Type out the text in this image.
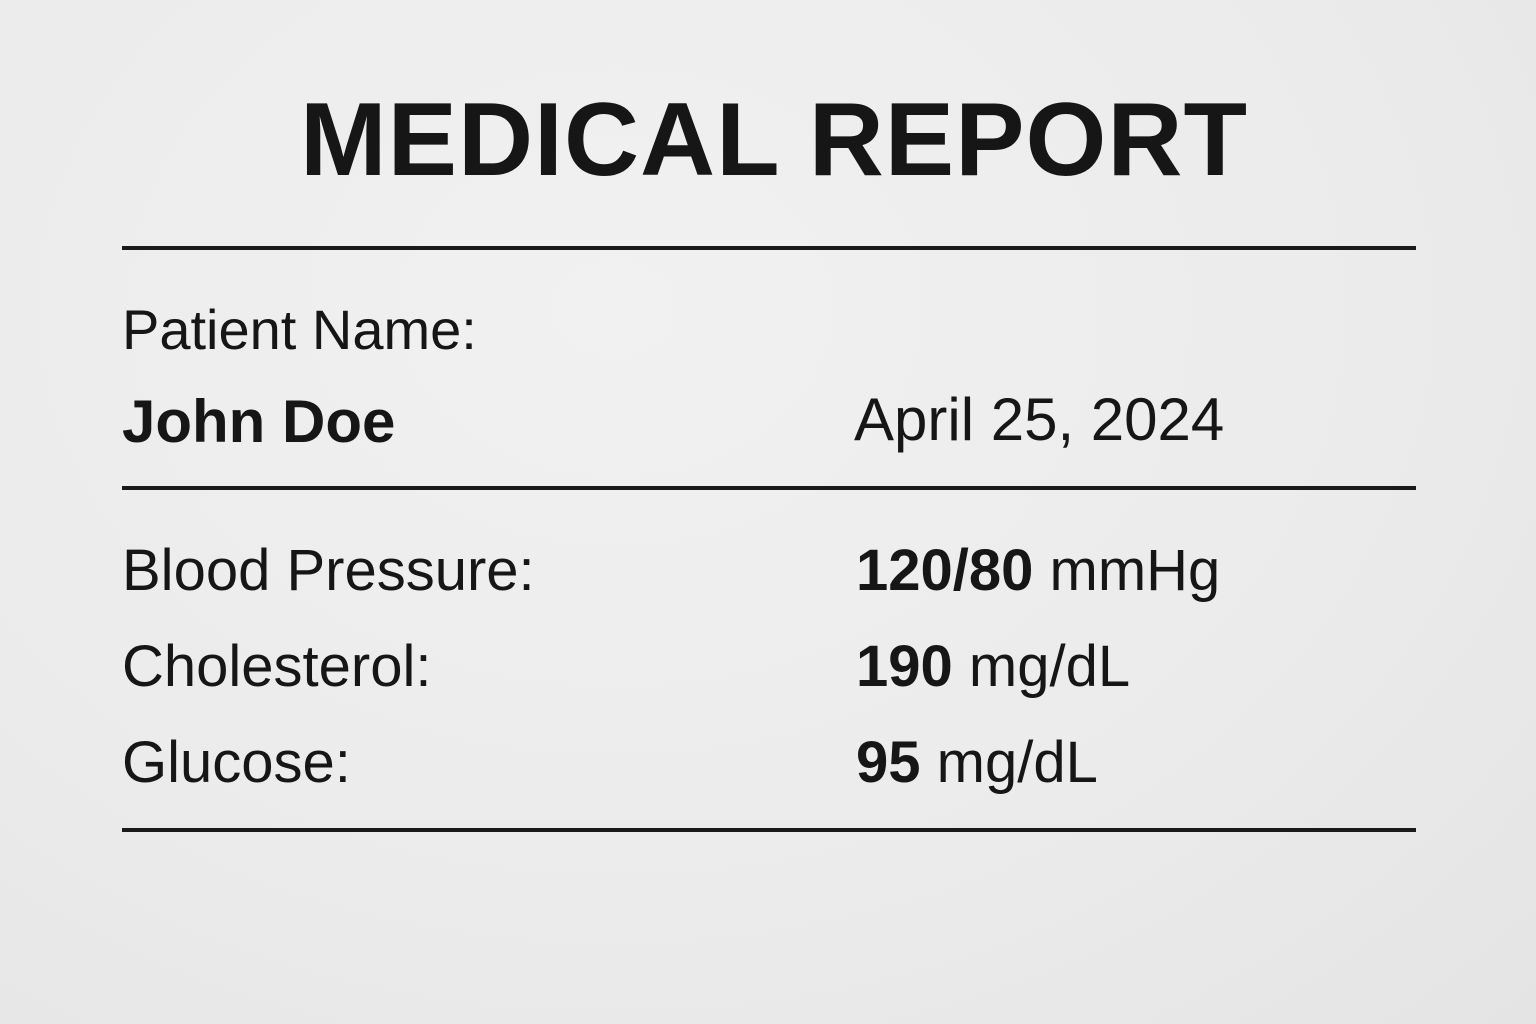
MEDICAL REPORT
Patient Name:
John Doe	April 25, 2024
Blood Pressure:	120/80 mmHg
Cholesterol:	190 mg/dL
Glucose:	95 mg/dL
